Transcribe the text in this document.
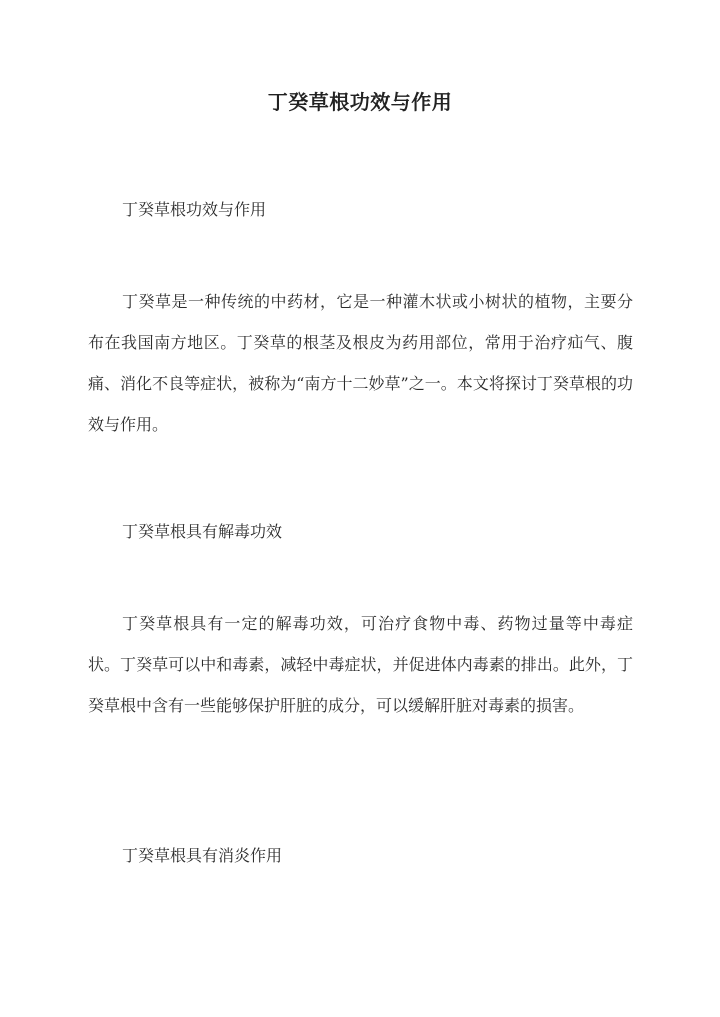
丁癸草根功效与作用

丁癸草根功效与作用

丁癸草是一种传统的中药材，它是一种灌木状或小树状的植物，主要分布在我国南方地区。丁癸草的根茎及根皮为药用部位，常用于治疗疝气、腹痛、消化不良等症状，被称为“南方十二妙草”之一。本文将探讨丁癸草根的功效与作用。

丁癸草根具有解毒功效

丁癸草根具有一定的解毒功效，可治疗食物中毒、药物过量等中毒症状。丁癸草可以中和毒素，减轻中毒症状，并促进体内毒素的排出。此外，丁癸草根中含有一些能够保护肝脏的成分，可以缓解肝脏对毒素的损害。

丁癸草根具有消炎作用
